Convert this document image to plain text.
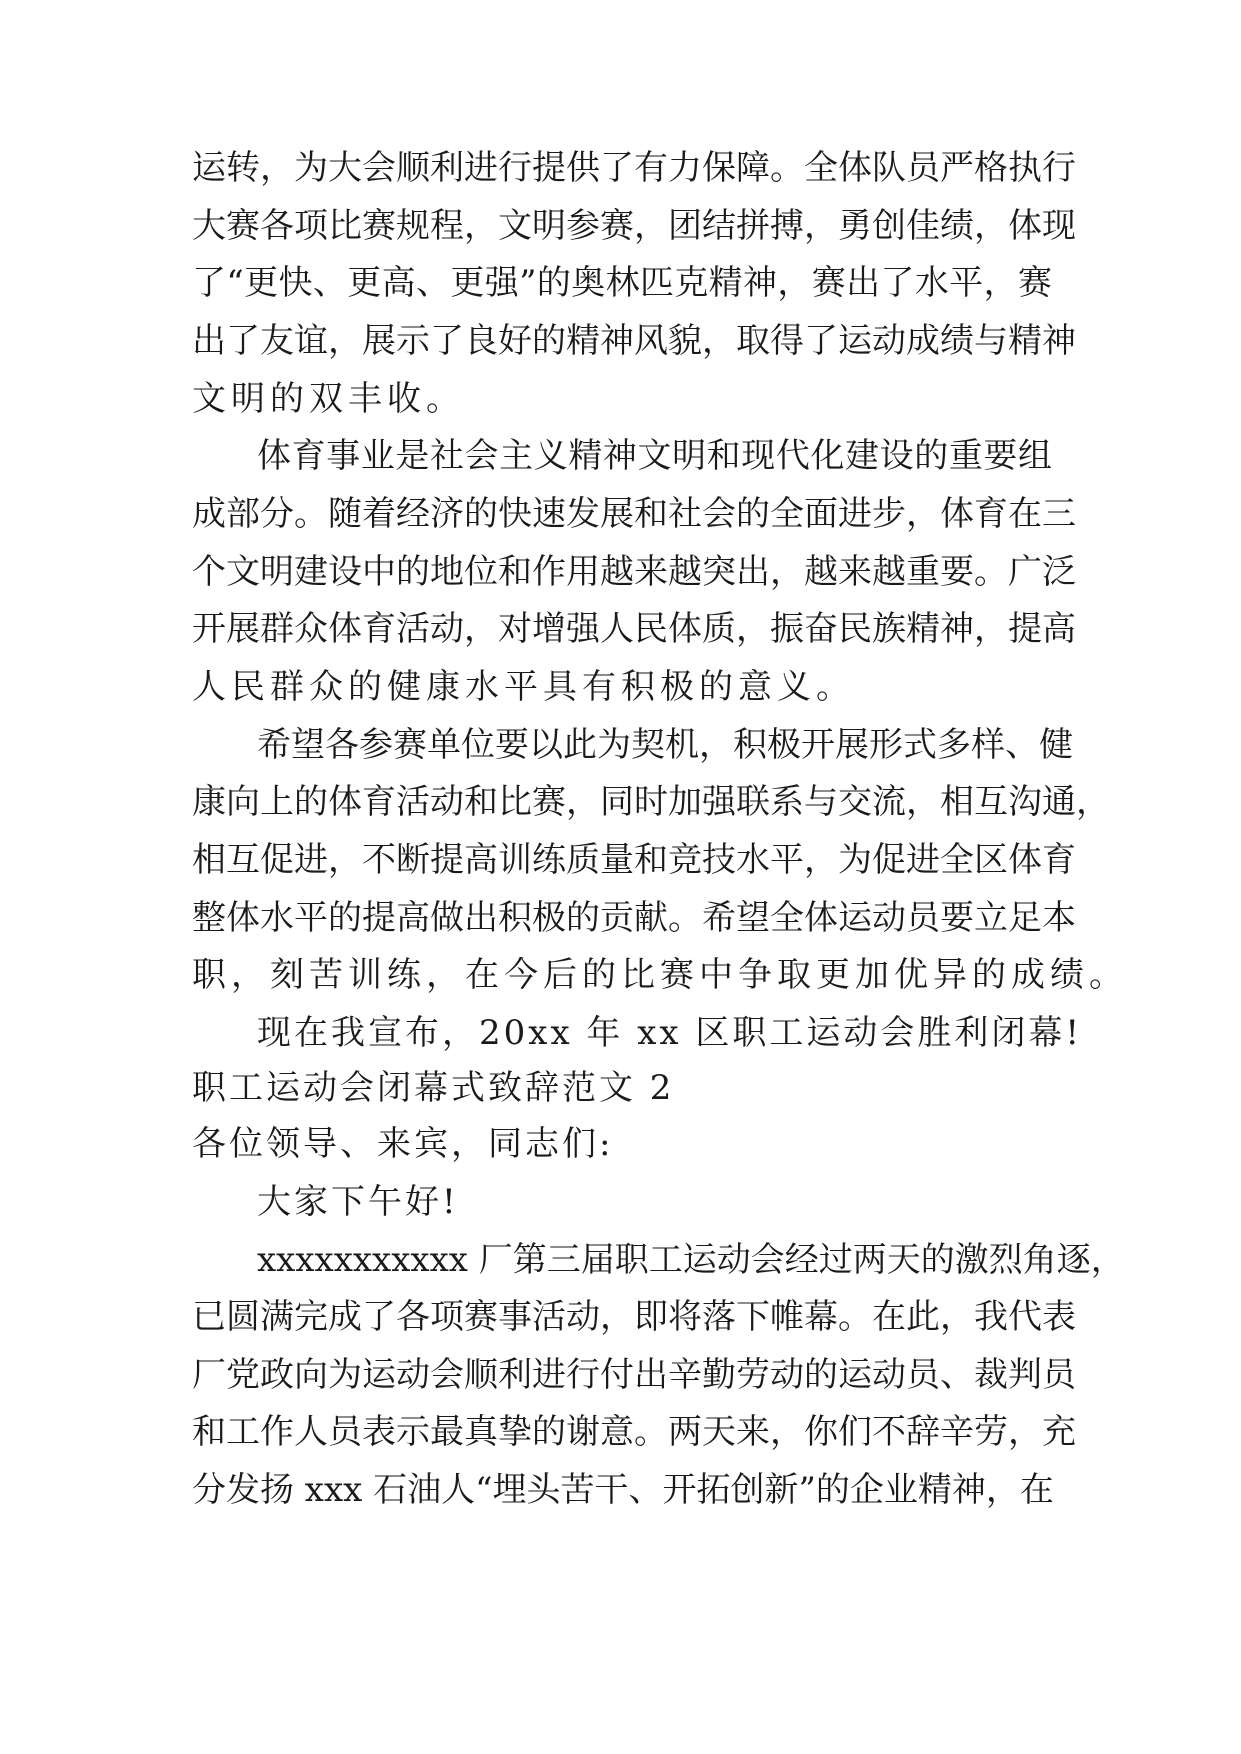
运转，为大会顺利进行提供了有力保障。全体队员严格执行
大赛各项比赛规程，文明参赛，团结拼搏，勇创佳绩，体现
了“更快、更高、更强”的奥林匹克精神，赛出了水平，赛
出了友谊，展示了良好的精神风貌，取得了运动成绩与精神
文明的双丰收。
体育事业是社会主义精神文明和现代化建设的重要组
成部分。随着经济的快速发展和社会的全面进步，体育在三
个文明建设中的地位和作用越来越突出，越来越重要。广泛
开展群众体育活动，对增强人民体质，振奋民族精神，提高
人民群众的健康水平具有积极的意义。
希望各参赛单位要以此为契机，积极开展形式多样、健
康向上的体育活动和比赛，同时加强联系与交流，相互沟通，
相互促进，不断提高训练质量和竞技水平，为促进全区体育
整体水平的提高做出积极的贡献。希望全体运动员要立足本
职，刻苦训练，在今后的比赛中争取更加优异的成绩。
现在我宣布，20xx 年 xx 区职工运动会胜利闭幕!
职工运动会闭幕式致辞范文 2
各位领导、来宾，同志们:
大家下午好!
xxxxxxxxxxx 厂第三届职工运动会经过两天的激烈角逐，
已圆满完成了各项赛事活动，即将落下帷幕。在此，我代表
厂党政向为运动会顺利进行付出辛勤劳动的运动员、裁判员
和工作人员表示最真挚的谢意。两天来，你们不辞辛劳，充
分发扬 xxx 石油人“埋头苦干、开拓创新”的企业精神，在
